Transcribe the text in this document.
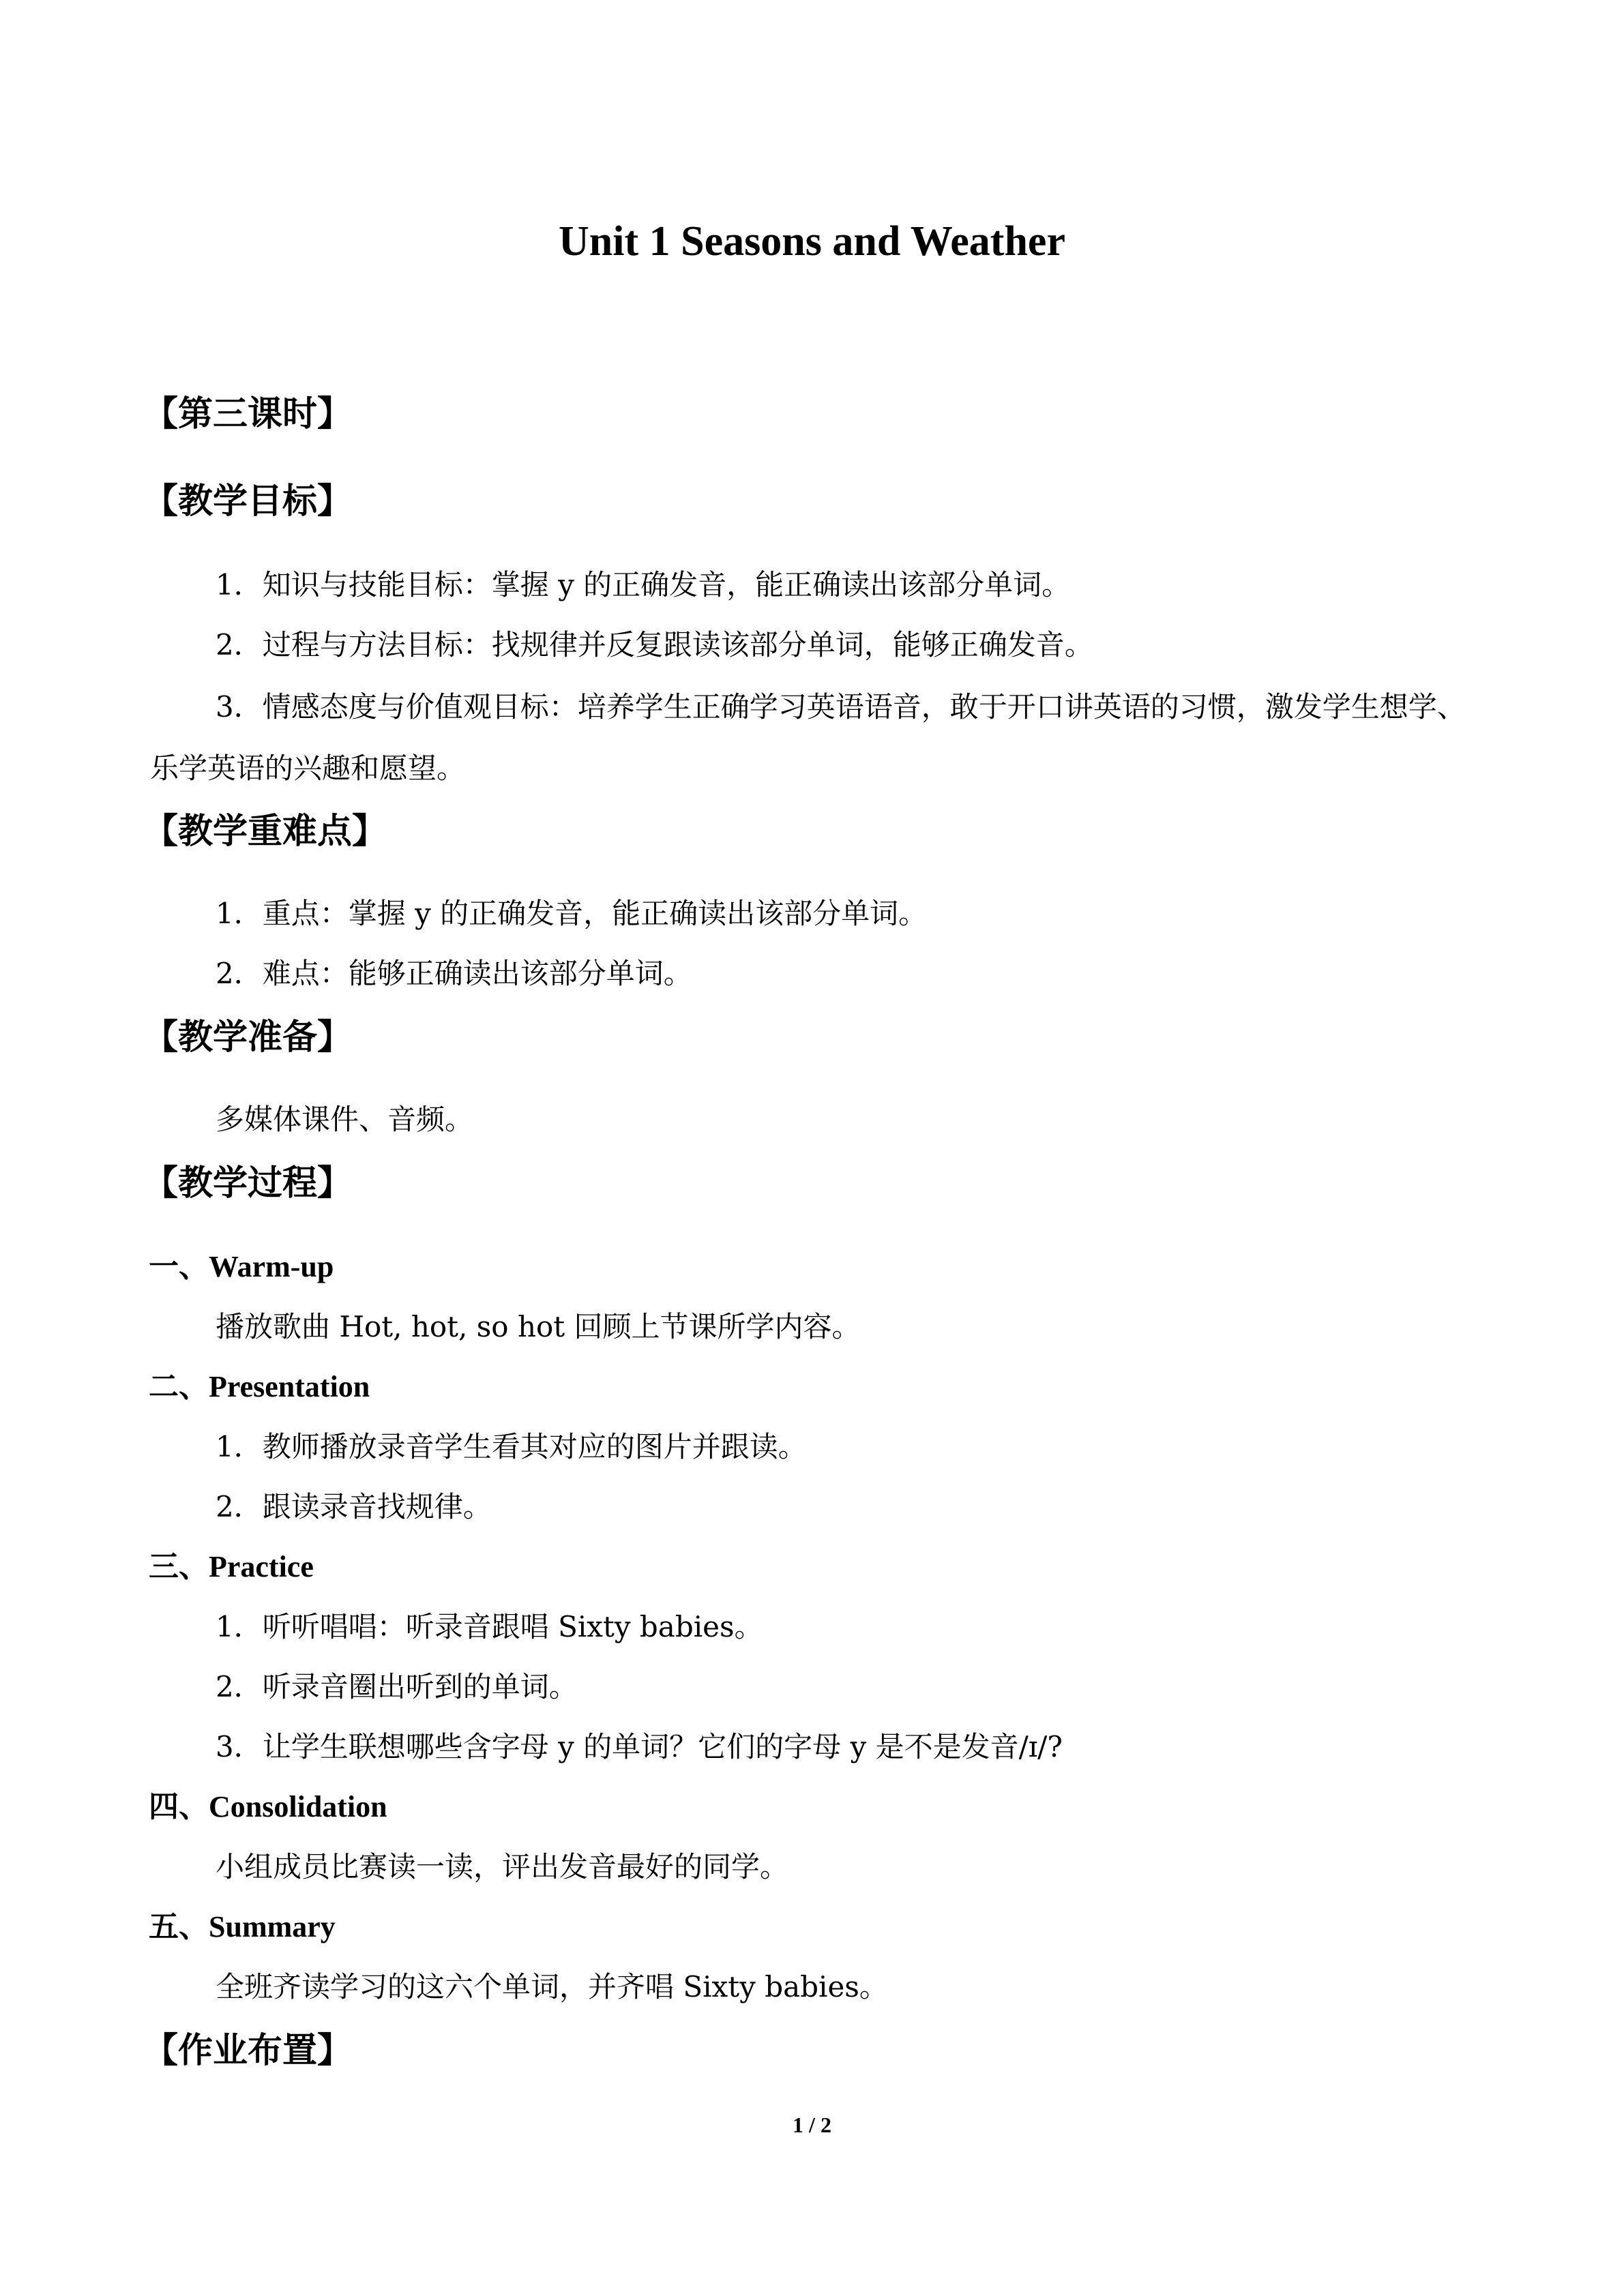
Unit 1 Seasons and Weather
【第三课时】
【教学目标】
1．知识与技能目标：掌握 y 的正确发音，能正确读出该部分单词。
2．过程与方法目标：找规律并反复跟读该部分单词，能够正确发音。
3．情感态度与价值观目标：培养学生正确学习英语语音，敢于开口讲英语的习惯，激发学生想学、乐学英语的兴趣和愿望。
【教学重难点】
1．重点：掌握 y 的正确发音，能正确读出该部分单词。
2．难点：能够正确读出该部分单词。
【教学准备】
多媒体课件、音频。
【教学过程】
一、Warm-up
播放歌曲 Hot, hot, so hot 回顾上节课所学内容。
二、Presentation
1．教师播放录音学生看其对应的图片并跟读。
2．跟读录音找规律。
三、Practice
1．听听唱唱：听录音跟唱 Sixty babies。
2．听录音圈出听到的单词。
3．让学生联想哪些含字母 y 的单词？它们的字母 y 是不是发音/ɪ/?
四、Consolidation
小组成员比赛读一读，评出发音最好的同学。
五、Summary
全班齐读学习的这六个单词，并齐唱 Sixty babies。
【作业布置】
1 / 2
